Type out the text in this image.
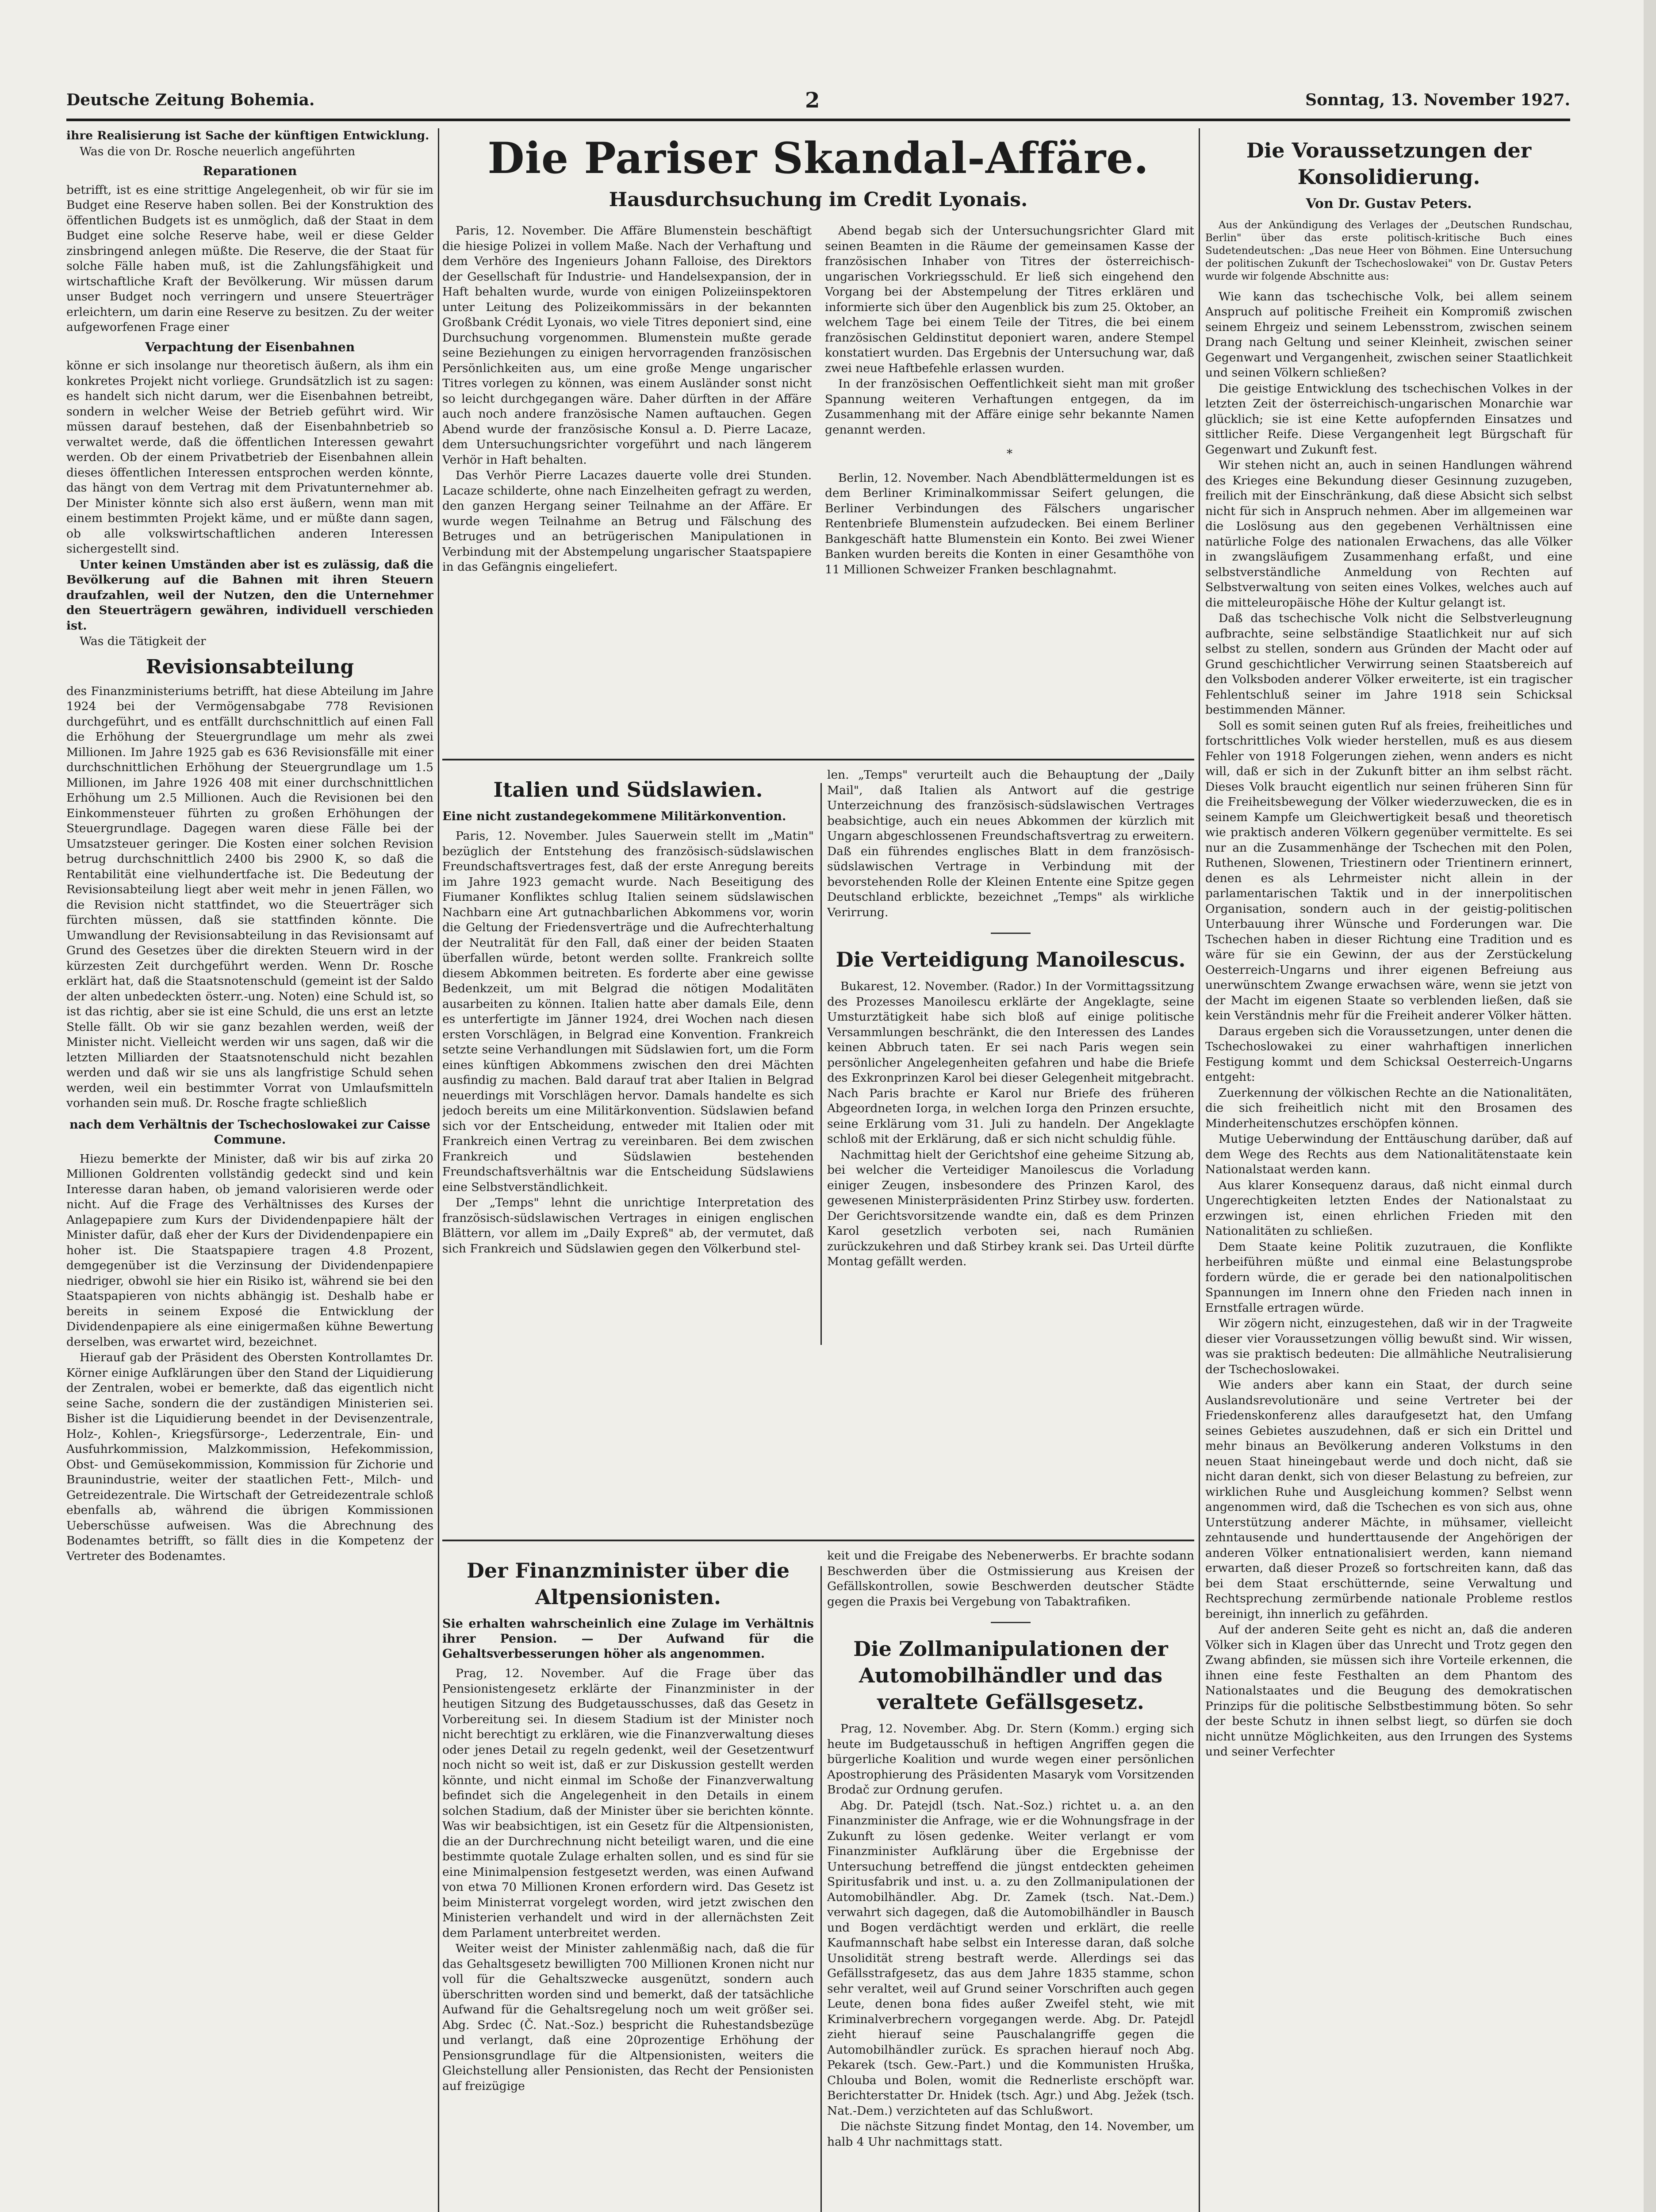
Deutsche Zeitung Bohemia.	2	Sonntag, 13. November 1927.

ihre Realisierung ist Sache der künftigen Entwicklung.

Was die von Dr. Rosche neuerlich angeführten

Reparationen

betrifft, ist es eine strittige Angelegenheit, ob wir für sie im Budget eine Reserve haben sollen. Bei der Konstruktion des öffentlichen Budgets ist es unmöglich, daß der Staat in dem Budget eine solche Reserve habe, weil er diese Gelder zinsbringend anlegen müßte. Die Reserve, die der Staat für solche Fälle haben muß, ist die Zahlungsfähigkeit und wirtschaftliche Kraft der Bevölkerung. Wir müssen darum unser Budget noch verringern und unsere Steuerträger erleichtern, um darin eine Reserve zu besitzen. Zu der weiter aufgeworfenen Frage einer

Verpachtung der Eisenbahnen

könne er sich insolange nur theoretisch äußern, als ihm ein konkretes Projekt nicht vorliege. Grundsätzlich ist zu sagen: es handelt sich nicht darum, wer die Eisenbahnen betreibt, sondern in welcher Weise der Betrieb geführt wird. Wir müssen darauf bestehen, daß der Eisenbahnbetrieb so verwaltet werde, daß die öffentlichen Interessen gewahrt werden. Ob der einem Privatbetrieb der Eisenbahnen allein dieses öffentlichen Interessen entsprochen werden könnte, das hängt von dem Vertrag mit dem Privatunternehmer ab. Der Minister könnte sich also erst äußern, wenn man mit einem bestimmten Projekt käme, und er müßte dann sagen, ob alle volkswirtschaftlichen anderen Interessen sichergestellt sind.

Unter keinen Umständen aber ist es zulässig, daß die Bevölkerung auf die Bahnen mit ihren Steuern draufzahlen, weil der Nutzen, den die Unternehmer den Steuerträgern gewähren, individuell verschieden ist.

Was die Tätigkeit der

Revisionsabteilung

des Finanzministeriums betrifft, hat diese Abteilung im Jahre 1924 bei der Vermögensabgabe 778 Revisionen durchgeführt, und es entfällt durchschnittlich auf einen Fall die Erhöhung der Steuergrundlage um mehr als zwei Millionen. Im Jahre 1925 gab es 636 Revisionsfälle mit einer durchschnittlichen Erhöhung der Steuergrundlage um 1.5 Millionen, im Jahre 1926 408 mit einer durchschnittlichen Erhöhung um 2.5 Millionen. Auch die Revisionen bei den Einkommensteuer führten zu großen Erhöhungen der Steuergrundlage. Dagegen waren diese Fälle bei der Umsatzsteuer geringer. Die Kosten einer solchen Revision betrug durchschnittlich 2400 bis 2900 K, so daß die Rentabilität eine vielhundertfache ist. Die Bedeutung der Revisionsabteilung liegt aber weit mehr in jenen Fällen, wo die Revision nicht stattfindet, wo die Steuerträger sich fürchten müssen, daß sie stattfinden könnte. Die Umwandlung der Revisionsabteilung in das Revisionsamt auf Grund des Gesetzes über die direkten Steuern wird in der kürzesten Zeit durchgeführt werden. Wenn Dr. Rosche erklärt hat, daß die Staatsnotenschuld (gemeint ist der Saldo der alten unbedeckten österr.-ung. Noten) eine Schuld ist, so ist das richtig, aber sie ist eine Schuld, die uns erst an letzte Stelle fällt. Ob wir sie ganz bezahlen werden, weiß der Minister nicht. Vielleicht werden wir uns sagen, daß wir die letzten Milliarden der Staatsnotenschuld nicht bezahlen werden und daß wir sie uns als langfristige Schuld sehen werden, weil ein bestimmter Vorrat von Umlaufsmitteln vorhanden sein muß. Dr. Rosche fragte schließlich

nach dem Verhältnis der Tschechoslowakei zur Caisse Commune.

Hiezu bemerkte der Minister, daß wir bis auf zirka 20 Millionen Goldrenten vollständig gedeckt sind und kein Interesse daran haben, ob jemand valorisieren werde oder nicht. Auf die Frage des Verhältnisses des Kurses der Anlagepapiere zum Kurs der Dividendenpapiere hält der Minister dafür, daß eher der Kurs der Dividendenpapiere ein hoher ist. Die Staatspapiere tragen 4.8 Prozent, demgegenüber ist die Verzinsung der Dividendenpapiere niedriger, obwohl sie hier ein Risiko ist, während sie bei den Staatspapieren von nichts abhängig ist. Deshalb habe er bereits in seinem Exposé die Entwicklung der Dividendenpapiere als eine einigermaßen kühne Bewertung derselben, was erwartet wird, bezeichnet.

Hierauf gab der Präsident des Obersten Kontrollamtes Dr. Körner einige Aufklärungen über den Stand der Liquidierung der Zentralen, wobei er bemerkte, daß das eigentlich nicht seine Sache, sondern die der zuständigen Ministerien sei. Bisher ist die Liquidierung beendet in der Devisenzentrale, Holz-, Kohlen-, Kriegsfürsorge-, Lederzentrale, Ein- und Ausfuhrkommission, Malzkommission, Hefekommission, Obst- und Gemüsekommission, Kommission für Zichorie und Braunindustrie, weiter der staatlichen Fett-, Milch- und Getreidezentrale. Die Wirtschaft der Getreidezentrale schloß ebenfalls ab, während die übrigen Kommissionen Ueberschüsse aufweisen. Was die Abrechnung des Bodenamtes betrifft, so fällt dies in die Kompetenz der Vertreter des Bodenamtes.

Die Pariser Skandal-Affäre.
Hausdurchsuchung im Credit Lyonais.

Paris, 12. November. Die Affäre Blumenstein beschäftigt die hiesige Polizei in vollem Maße. Nach der Verhaftung und dem Verhöre des Ingenieurs Johann Falloise, des Direktors der Gesellschaft für Industrie- und Handelsexpansion, der in Haft behalten wurde, wurde von einigen Polizeiinspektoren unter Leitung des Polizeikommissärs in der bekannten Großbank Crédit Lyonais, wo viele Titres deponiert sind, eine Durchsuchung vorgenommen. Blumenstein mußte gerade seine Beziehungen zu einigen hervorragenden französischen Persönlichkeiten aus, um eine große Menge ungarischer Titres vorlegen zu können, was einem Ausländer sonst nicht so leicht durchgegangen wäre. Daher dürften in der Affäre auch noch andere französische Namen auftauchen. Gegen Abend wurde der französische Konsul a. D. Pierre Lacaze, dem Untersuchungsrichter vorgeführt und nach längerem Verhör in Haft behalten.

Das Verhör Pierre Lacazes dauerte volle drei Stunden. Lacaze schilderte, ohne nach Einzelheiten gefragt zu werden, den ganzen Hergang seiner Teilnahme an der Affäre. Er wurde wegen Teilnahme an Betrug und Fälschung des Betruges und an betrügerischen Manipulationen in Verbindung mit der Abstempelung ungarischer Staatspapiere in das Gefängnis eingeliefert.

Abend begab sich der Untersuchungsrichter Glard mit seinen Beamten in die Räume der gemeinsamen Kasse der französischen Inhaber von Titres der österreichisch-ungarischen Vorkriegsschuld. Er ließ sich eingehend den Vorgang bei der Abstempelung der Titres erklären und informierte sich über den Augenblick bis zum 25. Oktober, an welchem Tage bei einem Teile der Titres, die bei einem französischen Geldinstitut deponiert waren, andere Stempel konstatiert wurden. Das Ergebnis der Untersuchung war, daß zwei neue Haftbefehle erlassen wurden.

In der französischen Oeffentlichkeit sieht man mit großer Spannung weiteren Verhaftungen entgegen, da im Zusammenhang mit der Affäre einige sehr bekannte Namen genannt werden.

*

Berlin, 12. November. Nach Abendblättermeldungen ist es dem Berliner Kriminalkommissar Seifert gelungen, die Berliner Verbindungen des Fälschers ungarischer Rentenbriefe Blumenstein aufzudecken. Bei einem Berliner Bankgeschäft hatte Blumenstein ein Konto. Bei zwei Wiener Banken wurden bereits die Konten in einer Gesamthöhe von 11 Millionen Schweizer Franken beschlagnahmt.

Italien und Südslawien.
Eine nicht zustandegekommene Militärkonvention.

Paris, 12. November. Jules Sauerwein stellt im „Matin" bezüglich der Entstehung des französisch-südslawischen Freundschaftsvertrages fest, daß der erste Anregung bereits im Jahre 1923 gemacht wurde. Nach Beseitigung des Fiumaner Konfliktes schlug Italien seinem südslawischen Nachbarn eine Art gutnachbarlichen Abkommens vor, worin die Geltung der Friedensverträge und die Aufrechterhaltung der Neutralität für den Fall, daß einer der beiden Staaten überfallen würde, betont werden sollte. Frankreich sollte diesem Abkommen beitreten. Es forderte aber eine gewisse Bedenkzeit, um mit Belgrad die nötigen Modalitäten ausarbeiten zu können. Italien hatte aber damals Eile, denn es unterfertigte im Jänner 1924, drei Wochen nach diesen ersten Vorschlägen, in Belgrad eine Konvention. Frankreich setzte seine Verhandlungen mit Südslawien fort, um die Form eines künftigen Abkommens zwischen den drei Mächten ausfindig zu machen. Bald darauf trat aber Italien in Belgrad neuerdings mit Vorschlägen hervor. Damals handelte es sich jedoch bereits um eine Militärkonvention. Südslawien befand sich vor der Entscheidung, entweder mit Italien oder mit Frankreich einen Vertrag zu vereinbaren. Bei dem zwischen Frankreich und Südslawien bestehenden Freundschaftsverhältnis war die Entscheidung Südslawiens eine Selbstverständlichkeit.

Der „Temps" lehnt die unrichtige Interpretation des französisch-südslawischen Vertrages in einigen englischen Blättern, vor allem im „Daily Expreß" ab, der vermutet, daß sich Frankreich und Südslawien gegen den Völkerbund stel-

len. „Temps" verurteilt auch die Behauptung der „Daily Mail", daß Italien als Antwort auf die gestrige Unterzeichnung des französisch-südslawischen Vertrages beabsichtige, auch ein neues Abkommen der kürzlich mit Ungarn abgeschlossenen Freundschaftsvertrag zu erweitern. Daß ein führendes englisches Blatt in dem französisch-südslawischen Vertrage in Verbindung mit der bevorstehenden Rolle der Kleinen Entente eine Spitze gegen Deutschland erblickte, bezeichnet „Temps" als wirkliche Verirrung.

Die Verteidigung Manoilescus.

Bukarest, 12. November. (Rador.) In der Vormittagssitzung des Prozesses Manoilescu erklärte der Angeklagte, seine Umsturztätigkeit habe sich bloß auf einige politische Versammlungen beschränkt, die den Interessen des Landes keinen Abbruch taten. Er sei nach Paris wegen sein persönlicher Angelegenheiten gefahren und habe die Briefe des Exkronprinzen Karol bei dieser Gelegenheit mitgebracht. Nach Paris brachte er Karol nur Briefe des früheren Abgeordneten Iorga, in welchen Iorga den Prinzen ersuchte, seine Erklärung vom 31. Juli zu handeln. Der Angeklagte schloß mit der Erklärung, daß er sich nicht schuldig fühle.

Nachmittag hielt der Gerichtshof eine geheime Sitzung ab, bei welcher die Verteidiger Manoilescus die Vorladung einiger Zeugen, insbesondere des Prinzen Karol, des gewesenen Ministerpräsidenten Prinz Stirbey usw. forderten. Der Gerichtsvorsitzende wandte ein, daß es dem Prinzen Karol gesetzlich verboten sei, nach Rumänien zurückzukehren und daß Stirbey krank sei. Das Urteil dürfte Montag gefällt werden.

Der Finanzminister über die Altpensionisten.
Sie erhalten wahrscheinlich eine Zulage im Verhältnis ihrer Pension. — Der Aufwand für die Gehaltsverbesserungen höher als angenommen.

Prag, 12. November. Auf die Frage über das Pensionistengesetz erklärte der Finanzminister in der heutigen Sitzung des Budgetausschusses, daß das Gesetz in Vorbereitung sei. In diesem Stadium ist der Minister noch nicht berechtigt zu erklären, wie die Finanzverwaltung dieses oder jenes Detail zu regeln gedenkt, weil der Gesetzentwurf noch nicht so weit ist, daß er zur Diskussion gestellt werden könnte, und nicht einmal im Schoße der Finanzverwaltung befindet sich die Angelegenheit in den Details in einem solchen Stadium, daß der Minister über sie berichten könnte. Was wir beabsichtigen, ist ein Gesetz für die Altpensionisten, die an der Durchrechnung nicht beteiligt waren, und die eine bestimmte quotale Zulage erhalten sollen, und es sind für sie eine Minimalpension festgesetzt werden, was einen Aufwand von etwa 70 Millionen Kronen erfordern wird. Das Gesetz ist beim Ministerrat vorgelegt worden, wird jetzt zwischen den Ministerien verhandelt und wird in der allernächsten Zeit dem Parlament unterbreitet werden.

Weiter weist der Minister zahlenmäßig nach, daß die für das Gehaltsgesetz bewilligten 700 Millionen Kronen nicht nur voll für die Gehaltszwecke ausgenützt, sondern auch überschritten worden sind und bemerkt, daß der tatsächliche Aufwand für die Gehaltsregelung noch um weit größer sei. Abg. Srdec (Č. Nat.-Soz.) bespricht die Ruhestandsbezüge und verlangt, daß eine 20prozentige Erhöhung der Pensionsgrundlage für die Altpensionisten, weiters die Gleichstellung aller Pensionisten, das Recht der Pensionisten auf freizügige

keit und die Freigabe des Nebenerwerbs. Er brachte sodann Beschwerden über die Ostmissierung aus Kreisen der Gefällskontrollen, sowie Beschwerden deutscher Städte gegen die Praxis bei Vergebung von Tabaktrafiken.

Die Zollmanipulationen der Automobilhändler und das veraltete Gefällsgesetz.

Prag, 12. November. Abg. Dr. Stern (Komm.) erging sich heute im Budgetausschuß in heftigen Angriffen gegen die bürgerliche Koalition und wurde wegen einer persönlichen Apostrophierung des Präsidenten Masaryk vom Vorsitzenden Brodač zur Ordnung gerufen.

Abg. Dr. Patejdl (tsch. Nat.-Soz.) richtet u. a. an den Finanzminister die Anfrage, wie er die Wohnungsfrage in der Zukunft zu lösen gedenke. Weiter verlangt er vom Finanzminister Aufklärung über die Ergebnisse der Untersuchung betreffend die jüngst entdeckten geheimen Spiritusfabrik und inst. u. a. zu den Zollmanipulationen der Automobilhändler. Abg. Dr. Zamek (tsch. Nat.-Dem.) verwahrt sich dagegen, daß die Automobilhändler in Bausch und Bogen verdächtigt werden und erklärt, die reelle Kaufmannschaft habe selbst ein Interesse daran, daß solche Unsolidität streng bestraft werde. Allerdings sei das Gefällsstrafgesetz, das aus dem Jahre 1835 stamme, schon sehr veraltet, weil auf Grund seiner Vorschriften auch gegen Leute, denen bona fides außer Zweifel steht, wie mit Kriminalverbrechern vorgegangen werde. Abg. Dr. Patejdl zieht hierauf seine Pauschalangriffe gegen die Automobilhändler zurück. Es sprachen hierauf noch Abg. Pekarek (tsch. Gew.-Part.) und die Kommunisten Hruška, Chlouba und Bolen, womit die Rednerliste erschöpft war. Berichterstatter Dr. Hnidek (tsch. Agr.) und Abg. Ježek (tsch. Nat.-Dem.) verzichteten auf das Schlußwort.

Die nächste Sitzung findet Montag, den 14. November, um halb 4 Uhr nachmittags statt.

Die Voraussetzungen der Konsolidierung.
Von Dr. Gustav Peters.

Aus der Ankündigung des Verlages der „Deutschen Rundschau, Berlin" über das erste politisch-kritische Buch eines Sudetendeutschen: „Das neue Heer von Böhmen. Eine Untersuchung der politischen Zukunft der Tschechoslowakei" von Dr. Gustav Peters wurde wir folgende Abschnitte aus:

Wie kann das tschechische Volk, bei allem seinem Anspruch auf politische Freiheit ein Kompromiß zwischen seinem Ehrgeiz und seinem Lebensstrom, zwischen seinem Drang nach Geltung und seiner Kleinheit, zwischen seiner Gegenwart und Vergangenheit, zwischen seiner Staatlichkeit und seinen Völkern schließen?

Die geistige Entwicklung des tschechischen Volkes in der letzten Zeit der österreichisch-ungarischen Monarchie war glücklich; sie ist eine Kette aufopfernden Einsatzes und sittlicher Reife. Diese Vergangenheit legt Bürgschaft für Gegenwart und Zukunft fest.

Wir stehen nicht an, auch in seinen Handlungen während des Krieges eine Bekundung dieser Gesinnung zuzugeben, freilich mit der Einschränkung, daß diese Absicht sich selbst nicht für sich in Anspruch nehmen. Aber im allgemeinen war die Loslösung aus den gegebenen Verhältnissen eine natürliche Folge des nationalen Erwachens, das alle Völker in zwangsläufigem Zusammenhang erfaßt, und eine selbstverständliche Anmeldung von Rechten auf Selbstverwaltung von seiten eines Volkes, welches auch auf die mitteleuropäische Höhe der Kultur gelangt ist.

Daß das tschechische Volk nicht die Selbstverleugnung aufbrachte, seine selbständige Staatlichkeit nur auf sich selbst zu stellen, sondern aus Gründen der Macht oder auf Grund geschichtlicher Verwirrung seinen Staatsbereich auf den Volksboden anderer Völker erweiterte, ist ein tragischer Fehlentschluß seiner im Jahre 1918 sein Schicksal bestimmenden Männer.

Soll es somit seinen guten Ruf als freies, freiheitliches und fortschrittliches Volk wieder herstellen, muß es aus diesem Fehler von 1918 Folgerungen ziehen, wenn anders es nicht will, daß er sich in der Zukunft bitter an ihm selbst rächt. Dieses Volk braucht eigentlich nur seinen früheren Sinn für die Freiheitsbewegung der Völker wiederzuwecken, die es in seinem Kampfe um Gleichwertigkeit besaß und theoretisch wie praktisch anderen Völkern gegenüber vermittelte. Es sei nur an die Zusammenhänge der Tschechen mit den Polen, Ruthenen, Slowenen, Triestinern oder Trientinern erinnert, denen es als Lehrmeister nicht allein in der parlamentarischen Taktik und in der innerpolitischen Organisation, sondern auch in der geistig-politischen Unterbauung ihrer Wünsche und Forderungen war. Die Tschechen haben in dieser Richtung eine Tradition und es wäre für sie ein Gewinn, der aus der Zerstückelung Oesterreich-Ungarns und ihrer eigenen Befreiung aus unerwünschtem Zwange erwachsen wäre, wenn sie jetzt von der Macht im eigenen Staate so verblenden ließen, daß sie kein Verständnis mehr für die Freiheit anderer Völker hätten.

Daraus ergeben sich die Voraussetzungen, unter denen die Tschechoslowakei zu einer wahrhaftigen innerlichen Festigung kommt und dem Schicksal Oesterreich-Ungarns entgeht:

Zuerkennung der völkischen Rechte an die Nationalitäten, die sich freiheitlich nicht mit den Brosamen des Minderheitenschutzes erschöpfen können.

Mutige Ueberwindung der Enttäuschung darüber, daß auf dem Wege des Rechts aus dem Nationalitätenstaate kein Nationalstaat werden kann.

Aus klarer Konsequenz daraus, daß nicht einmal durch Ungerechtigkeiten letzten Endes der Nationalstaat zu erzwingen ist, einen ehrlichen Frieden mit den Nationalitäten zu schließen.

Dem Staate keine Politik zuzutrauen, die Konflikte herbeiführen müßte und einmal eine Belastungsprobe fordern würde, die er gerade bei den nationalpolitischen Spannungen im Innern ohne den Frieden nach innen in Ernstfalle ertragen würde.

Wir zögern nicht, einzugestehen, daß wir in der Tragweite dieser vier Voraussetzungen völlig bewußt sind. Wir wissen, was sie praktisch bedeuten: Die allmähliche Neutralisierung der Tschechoslowakei.

Wie anders aber kann ein Staat, der durch seine Auslandsrevolutionäre und seine Vertreter bei der Friedenskonferenz alles daraufgesetzt hat, den Umfang seines Gebietes auszudehnen, daß er sich ein Drittel und mehr binaus an Bevölkerung anderen Volkstums in den neuen Staat hineingebaut werde und doch nicht, daß sie nicht daran denkt, sich von dieser Belastung zu befreien, zur wirklichen Ruhe und Ausgleichung kommen? Selbst wenn angenommen wird, daß die Tschechen es von sich aus, ohne Unterstützung anderer Mächte, in mühsamer, vielleicht zehntausende und hunderttausende der Angehörigen der anderen Völker entnationalisiert werden, kann niemand erwarten, daß dieser Prozeß so fortschreiten kann, daß das bei dem Staat erschütternde, seine Verwaltung und Rechtsprechung zermürbende nationale Probleme restlos bereinigt, ihn innerlich zu gefährden.

Auf der anderen Seite geht es nicht an, daß die anderen Völker sich in Klagen über das Unrecht und Trotz gegen den Zwang abfinden, sie müssen sich ihre Vorteile erkennen, die ihnen eine feste Festhalten an dem Phantom des Nationalstaates und die Beugung des demokratischen Prinzips für die politische Selbstbestimmung böten. So sehr der beste Schutz in ihnen selbst liegt, so dürfen sie doch nicht unnütze Möglichkeiten, aus den Irrungen des Systems und seiner Verfechter
